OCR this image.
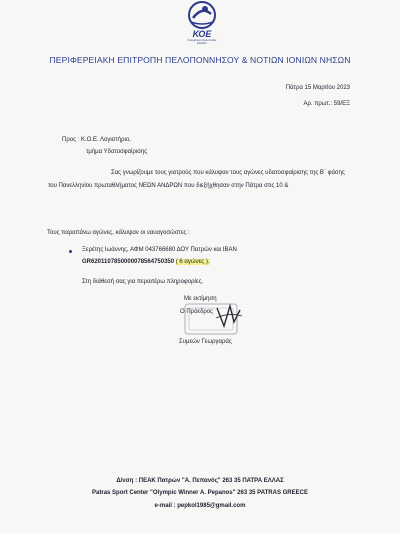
ΚΟΕ
Κολυμβητική Ομοσπονδία Ελλάδος
ΠΕΡΙΦΕΡΕΙΑΚΗ ΕΠΙΤΡΟΠΗ ΠΕΛΟΠΟΝΝΗΣΟΥ & ΝΟΤΙΩΝ ΙΟΝΙΩΝ ΝΗΣΩΝ
Πάτρα 15 Μαρτίου 2023
Αρ. πρωτ.: 59/ΕΞ
Προς : Κ.Ο.Ε. Λογιστήριο,
τμήμα Υδατοσφαίρισης
Σας γνωρίζουμε τους γιατρούς που κάλυψαν τους αγώνες υδατοσφαίρισης της Β΄ φάσης
του Πανελληνίου πρωταθλήματος ΝΕΩΝ ΑΝΔΡΩΝ που διεξήχθησαν στην Πάτρα στις 10 &
Τους παραπάνω αγώνες, κάλυψαν οι ναυαγοσώστες :
Ξερέτης Ιωάννης, ΑΦΜ 043766680 ΔΟΥ Πατρών και ΙΒΑΝ
GR6201107850000078564750350 ( 6 αγώνες ).
Στη διάθεσή σας για περαιτέρω πληροφορίες.
Με εκτίμηση
Ο Πρόεδρος
Συμεών Γεωργαράς
Δ/νση : ΠΕΑΚ Πατρών "Α. Πεπανός" 263 35 ΠΑΤΡΑ ΕΛΛΑΣ
Patras Sport Center "Olympic Winner A. Pepanos" 263 35 PATRAS GREECE
e-mail : pepkol1985@gmail.com
